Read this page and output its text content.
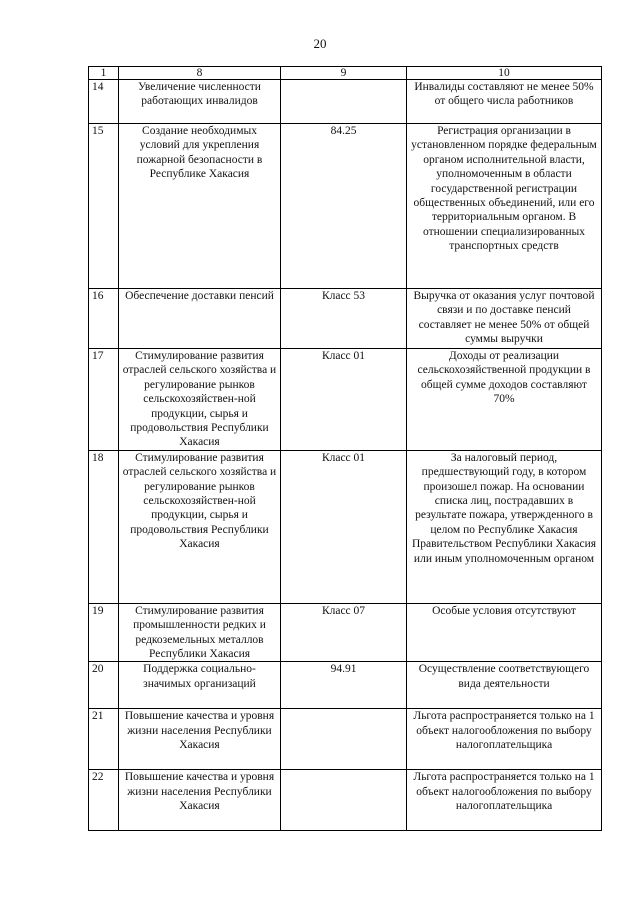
20
1	8	9	10
14	Увеличение численности работающих инвалидов		Инвалиды составляют не менее 50% от общего числа работников
15	Создание необходимых условий для укрепления пожарной безопасности в Республике Хакасия	84.25	Регистрация организации в установленном порядке федеральным органом исполнительной власти, уполномоченным в области государственной регистрации общественных объединений, или его территориальным органом. В отношении специализированных транспортных средств
16	Обеспечение доставки пенсий	Класс 53	Выручка от оказания услуг почтовой связи и по доставке пенсий составляет не менее 50% от общей суммы выручки
17	Стимулирование развития отраслей сельского хозяйства и регулирование рынков сельскохозяйствен-ной продукции, сырья и продовольствия Республики Хакасия	Класс 01	Доходы от реализации сельскохозяйственной продукции в общей сумме доходов составляют 70%
18	Стимулирование развития отраслей сельского хозяйства и регулирование рынков сельскохозяйствен-ной продукции, сырья и продовольствия Республики Хакасия	Класс 01	За налоговый период, предшествующий году, в котором произошел пожар. На основании списка лиц, пострадавших в результате пожара, утвержденного в целом по Республике Хакасия Правительством Республики Хакасия или иным уполномоченным органом
19	Стимулирование развития промышленности редких и редкоземельных металлов Республики Хакасия	Класс 07	Особые условия отсутствуют
20	Поддержка социально-значимых организаций	94.91	Осуществление соответствующего вида деятельности
21	Повышение качества и уровня жизни населения Республики Хакасия		Льгота распространяется только на 1 объект налогообложения по выбору налогоплательщика
22	Повышение качества и уровня жизни населения Республики Хакасия		Льгота распространяется только на 1 объект налогообложения по выбору налогоплательщика
